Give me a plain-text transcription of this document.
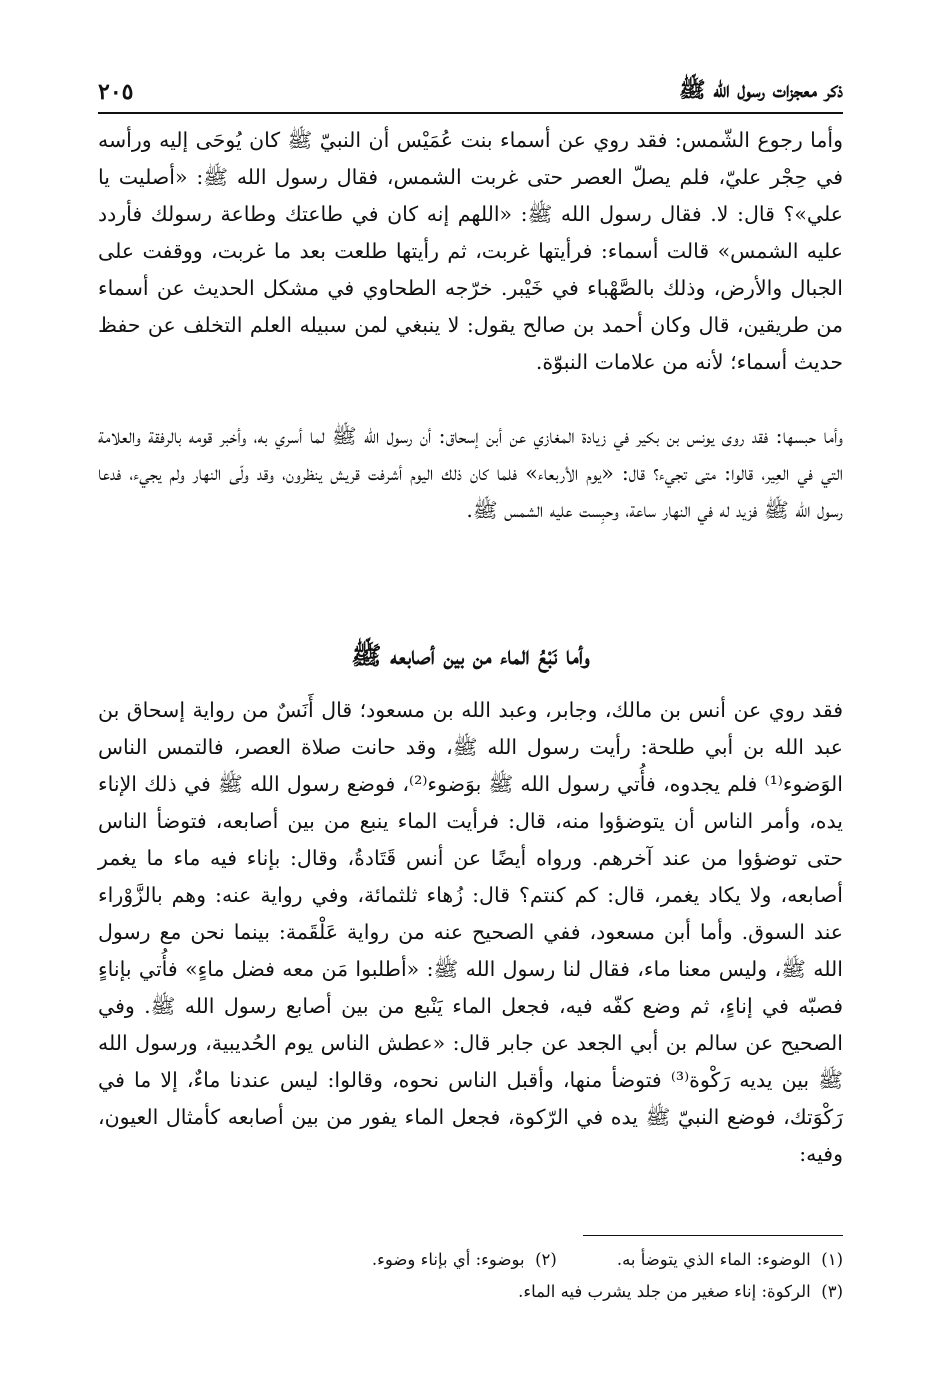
ذكر معجزات رسول الله ﷺ
٢٠٥

وأما رجوع الشّمس: فقد روي عن أسماء بنت عُمَيْس أن النبيّ ﷺ كان يُوحَى إليه ورأسه في حِجْر عليّ، فلم يصلّ العصر حتى غربت الشمس، فقال رسول الله ﷺ: «أصليت يا علي»؟ قال: لا. فقال رسول الله ﷺ: «اللهم إنه كان في طاعتك وطاعة رسولك فأردد عليه الشمس» قالت أسماء: فرأيتها غربت، ثم رأيتها طلعت بعد ما غربت، ووقفت على الجبال والأرض، وذلك بالصَّهْباء في خَيْبر. خرّجه الطحاوي في مشكل الحديث عن أسماء من طريقين، قال وكان أحمد بن صالح يقول: لا ينبغي لمن سبيله العلم التخلف عن حفظ حديث أسماء؛ لأنه من علامات النبوّة.

وأما حبسها: فقد روى يونس بن بكير في زيادة المغازي عن أبن إسحاق: أن رسول الله ﷺ لما أسري به، وأخبر قومه بالرفقة والعلامة التي في العِير، قالوا: متى تجيء؟ قال: «يوم الأربعاء» فلما كان ذلك اليوم أشرفت قريش ينظرون، وقد ولّى النهار ولم يجيء، فدعا رسول الله ﷺ فزيد له في النهار ساعة، وحبِست عليه الشمس ﷺ.

وأما نَبْعُ الماء من بين أصابعه ﷺ

فقد روي عن أنس بن مالك، وجابر، وعبد الله بن مسعود؛ قال أَنَسٌ من رواية إسحاق بن عبد الله بن أبي طلحة: رأيت رسول الله ﷺ، وقد حانت صلاة العصر، فالتمس الناس الوَضوء⁽¹⁾ فلم يجدوه، فأُتي رسول الله ﷺ بوَضوء⁽²⁾، فوضع رسول الله ﷺ في ذلك الإناء يده، وأمر الناس أن يتوضؤوا منه، قال: فرأيت الماء ينبع من بين أصابعه، فتوضأ الناس حتى توضؤوا من عند آخرهم. ورواه أيضًا عن أنس قَتَادةُ، وقال: بإناء فيه ماء ما يغمر أصابعه، ولا يكاد يغمر، قال: كم كنتم؟ قال: زُهاء ثلثمائة، وفي رواية عنه: وهم بالزَّوْراء عند السوق. وأما أبن مسعود، ففي الصحيح عنه من رواية عَلْقَمة: بينما نحن مع رسول الله ﷺ، وليس معنا ماء، فقال لنا رسول الله ﷺ: «أطلبوا مَن معه فضل ماءٍ» فأُتي بإناءٍ فصبّه في إناءٍ، ثم وضع كفّه فيه، فجعل الماء يَنْبع من بين أصابع رسول الله ﷺ. وفي الصحيح عن سالم بن أبي الجعد عن جابر قال: «عطش الناس يوم الحُديبية، ورسول الله ﷺ بين يديه رَكْوة⁽³⁾ فتوضأ منها، وأقبل الناس نحوه، وقالوا: ليس عندنا ماءٌ، إلا ما في رَكْوَتك، فوضع النبيّ ﷺ يده في الرّكوة، فجعل الماء يفور من بين أصابعه كأمثال العيون، وفيه:

(١)

الوضوء: الماء الذي يتوضأ به.
(٢)

بوضوء: أي بإناء وضوء.
(٣)

الركوة: إناء صغير من جلد يشرب فيه الماء.
